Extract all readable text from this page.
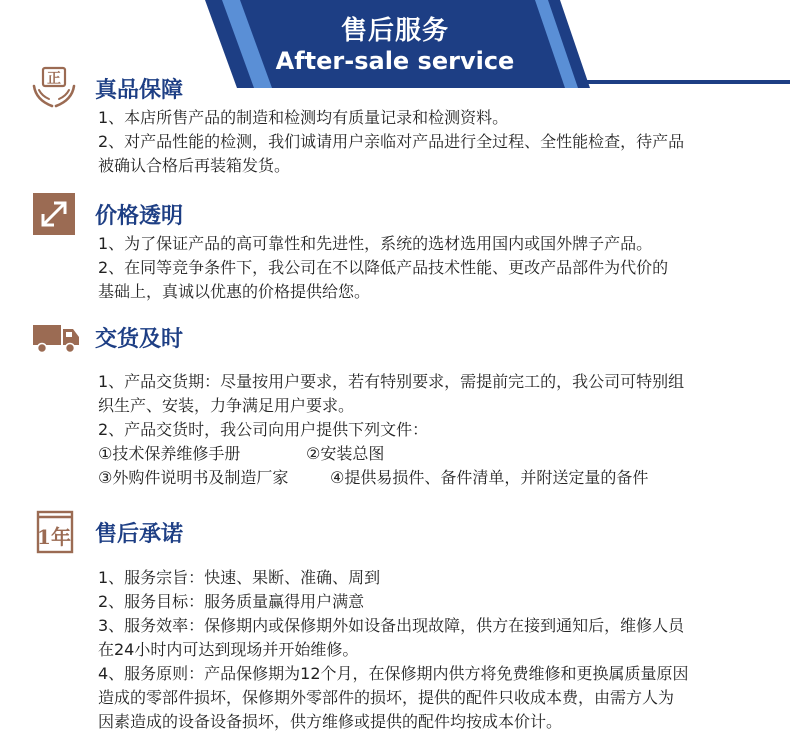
售后服务
After-sale service
正 真品保障
1、本店所售产品的制造和检测均有质量记录和检测资料。
2、对产品性能的检测，我们诚请用户亲临对产品进行全过程、全性能检查，待产品
被确认合格后再装箱发货。
价格透明
1、为了保证产品的高可靠性和先进性，系统的选材选用国内或国外牌子产品。
2、在同等竞争条件下，我公司在不以降低产品技术性能、更改产品部件为代价的
基础上，真诚以优惠的价格提供给您。
交货及时
1、产品交货期：尽量按用户要求，若有特别要求，需提前完工的，我公司可特别组
织生产、安装，力争满足用户要求。
2、产品交货时，我公司向用户提供下列文件：
①技术保养维修手册	②安装总图
③外购件说明书及制造厂家	④提供易损件、备件清单，并附送定量的备件
1年 售后承诺
1、服务宗旨：快速、果断、准确、周到
2、服务目标：服务质量赢得用户满意
3、服务效率：保修期内或保修期外如设备出现故障，供方在接到通知后，维修人员
在24小时内可达到现场并开始维修。
4、服务原则：产品保修期为12个月，在保修期内供方将免费维修和更换属质量原因
造成的零部件损坏，保修期外零部件的损坏，提供的配件只收成本费，由需方人为
因素造成的设备设备损坏，供方维修或提供的配件均按成本价计。
